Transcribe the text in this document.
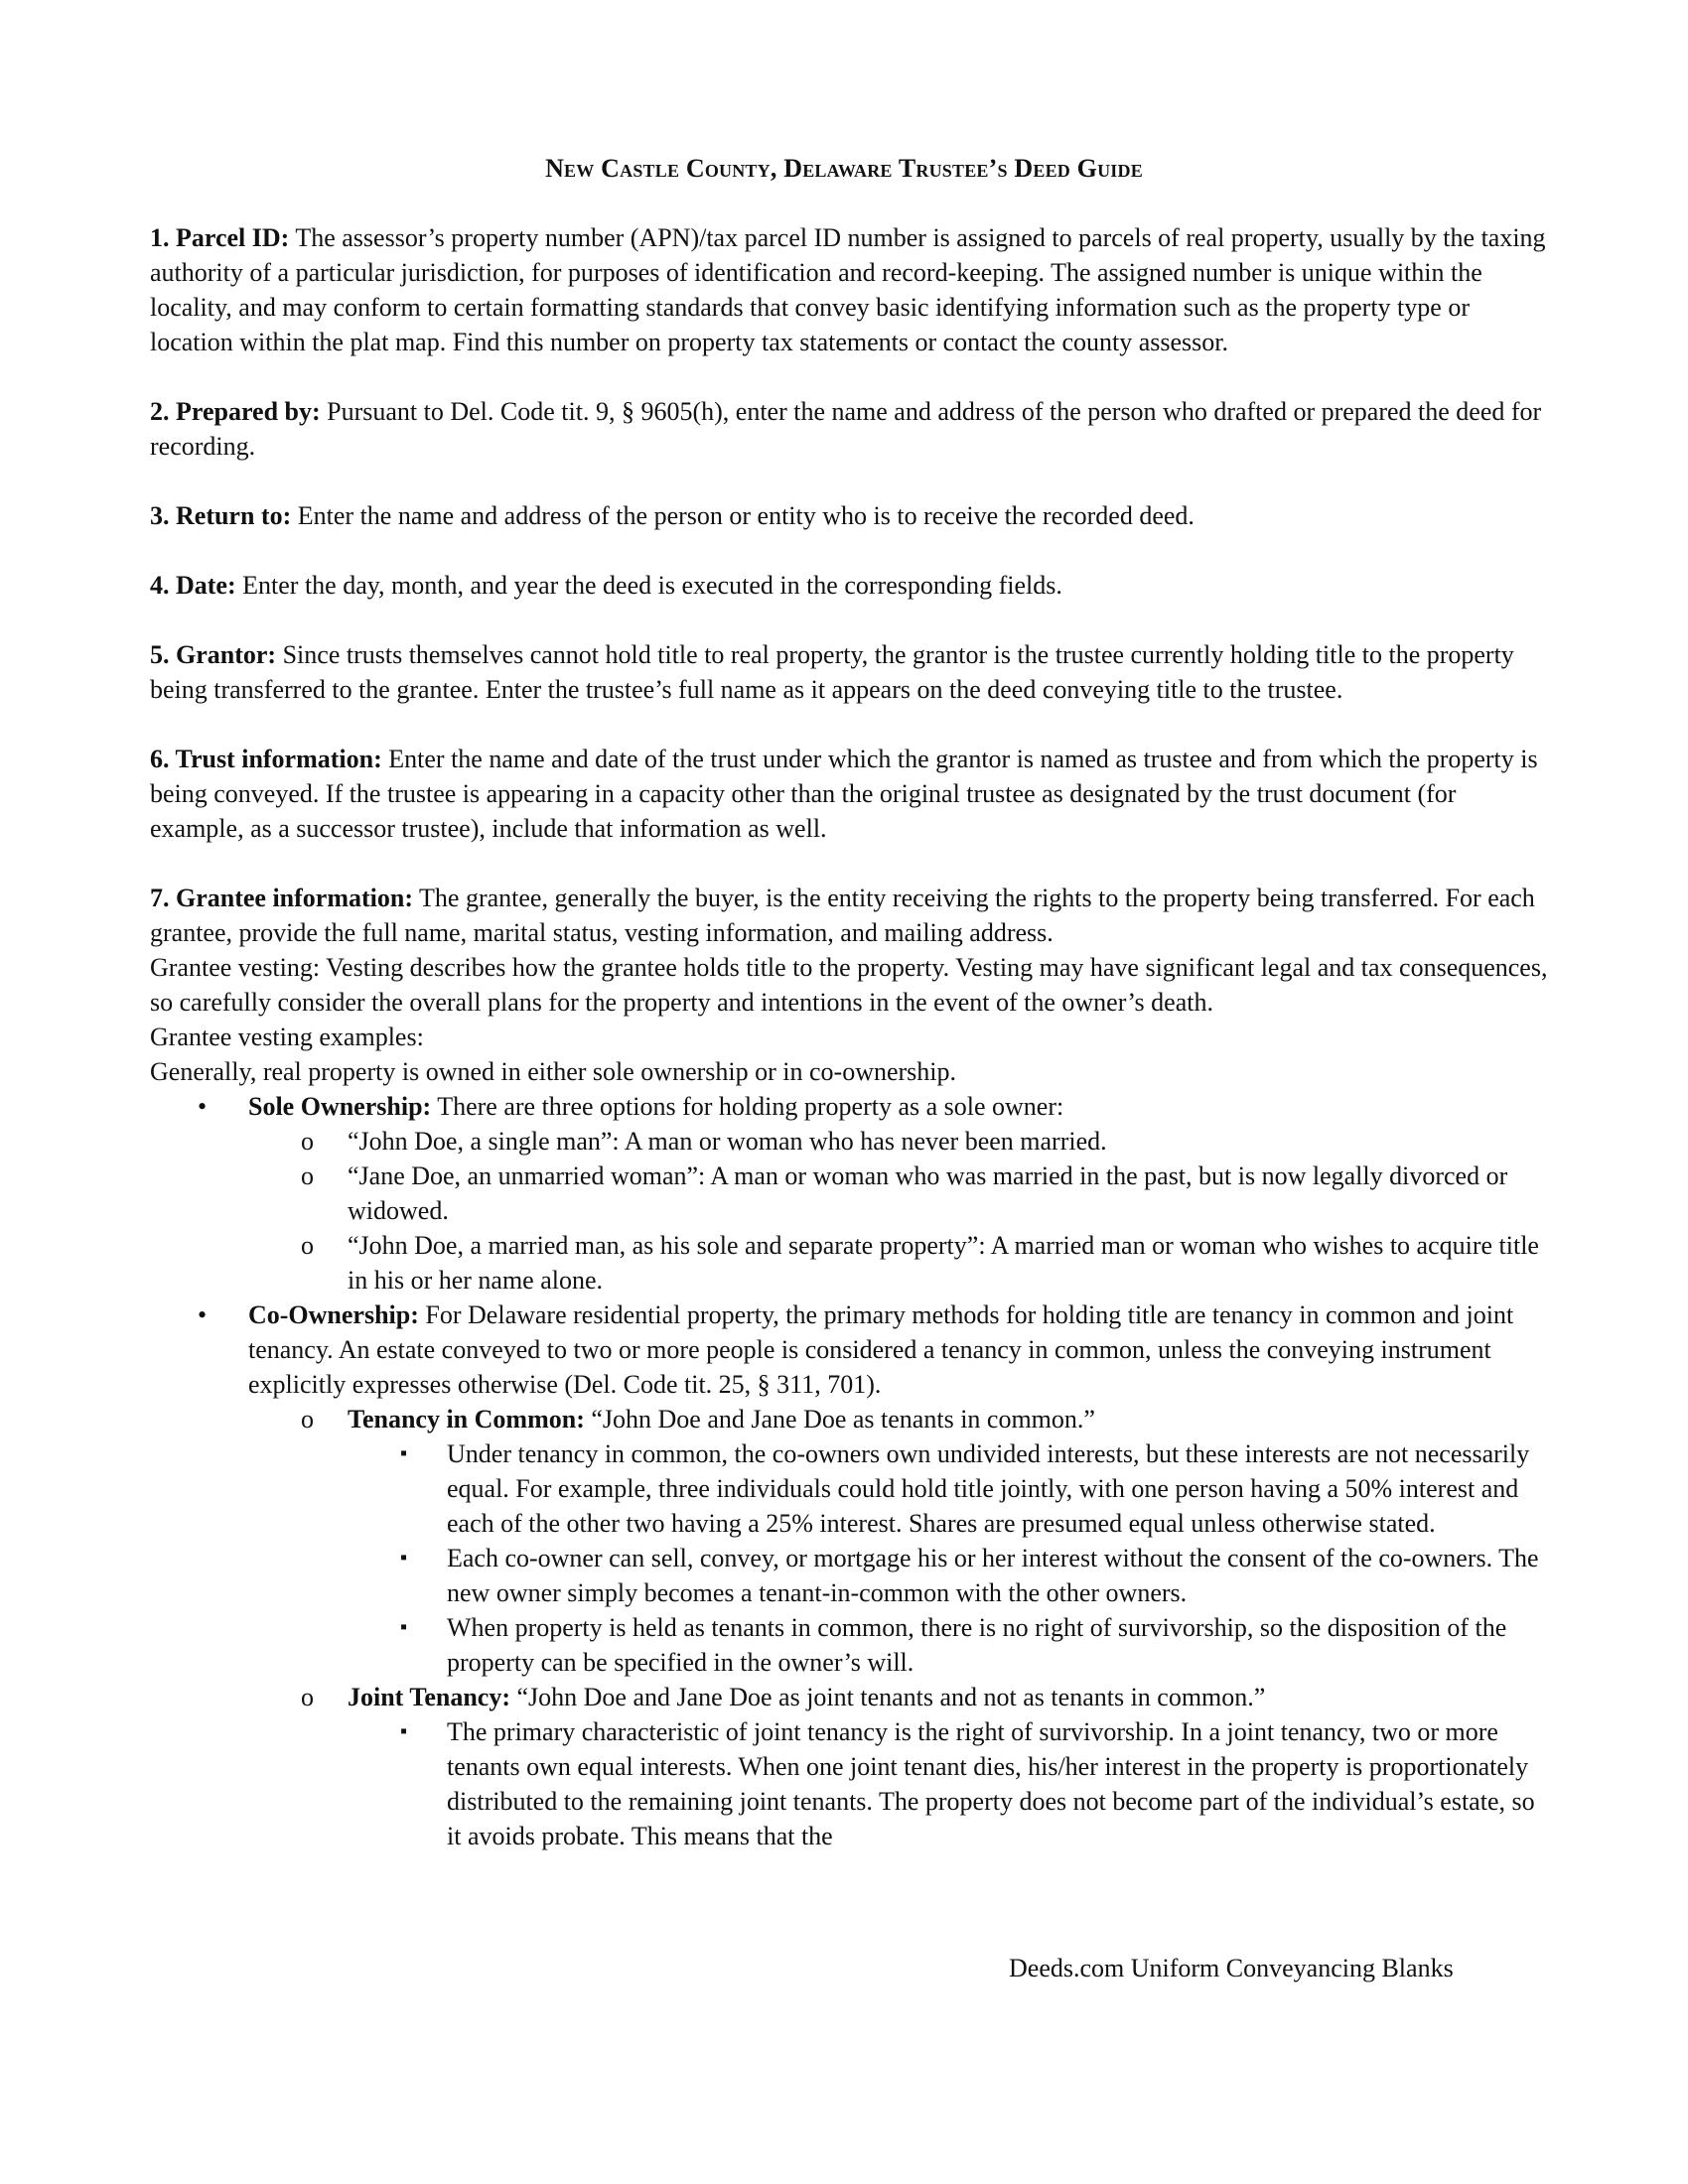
New Castle County, Delaware Trustee’s Deed Guide

1. Parcel ID: The assessor’s property number (APN)/tax parcel ID number is assigned to parcels of real property, usually by the taxing authority of a particular jurisdiction, for purposes of identification and record-keeping. The assigned number is unique within the locality, and may conform to certain formatting standards that convey basic identifying information such as the property type or location within the plat map. Find this number on property tax statements or contact the county assessor.

2. Prepared by: Pursuant to Del. Code tit. 9, § 9605(h), enter the name and address of the person who drafted or prepared the deed for recording.

3. Return to: Enter the name and address of the person or entity who is to receive the recorded deed.

4. Date: Enter the day, month, and year the deed is executed in the corresponding fields.

5. Grantor: Since trusts themselves cannot hold title to real property, the grantor is the trustee currently holding title to the property being transferred to the grantee. Enter the trustee’s full name as it appears on the deed conveying title to the trustee.

6. Trust information: Enter the name and date of the trust under which the grantor is named as trustee and from which the property is being conveyed. If the trustee is appearing in a capacity other than the original trustee as designated by the trust document (for example, as a successor trustee), include that information as well.

7. Grantee information: The grantee, generally the buyer, is the entity receiving the rights to the property being transferred. For each grantee, provide the full name, marital status, vesting information, and mailing address.

Grantee vesting: Vesting describes how the grantee holds title to the property. Vesting may have significant legal and tax consequences, so carefully consider the overall plans for the property and intentions in the event of the owner’s death.

Grantee vesting examples:

Generally, real property is owned in either sole ownership or in co-ownership.

• Sole Ownership: There are three options for holding property as a sole owner:
o “John Doe, a single man”: A man or woman who has never been married.
o “Jane Doe, an unmarried woman”: A man or woman who was married in the past, but is now legally divorced or widowed.
o “John Doe, a married man, as his sole and separate property”: A married man or woman who wishes to acquire title in his or her name alone.
• Co-Ownership: For Delaware residential property, the primary methods for holding title are tenancy in common and joint tenancy. An estate conveyed to two or more people is considered a tenancy in common, unless the conveying instrument explicitly expresses otherwise (Del. Code tit. 25, § 311, 701).
o Tenancy in Common: “John Doe and Jane Doe as tenants in common.”
▪ Under tenancy in common, the co-owners own undivided interests, but these interests are not necessarily equal. For example, three individuals could hold title jointly, with one person having a 50% interest and each of the other two having a 25% interest. Shares are presumed equal unless otherwise stated.
▪ Each co-owner can sell, convey, or mortgage his or her interest without the consent of the co-owners. The new owner simply becomes a tenant-in-common with the other owners.
▪ When property is held as tenants in common, there is no right of survivorship, so the disposition of the property can be specified in the owner’s will.
o Joint Tenancy: “John Doe and Jane Doe as joint tenants and not as tenants in common.”
▪ The primary characteristic of joint tenancy is the right of survivorship. In a joint tenancy, two or more tenants own equal interests. When one joint tenant dies, his/her interest in the property is proportionately distributed to the remaining joint tenants. The property does not become part of the individual’s estate, so it avoids probate. This means that the
Deeds.com Uniform Conveyancing Blanks
